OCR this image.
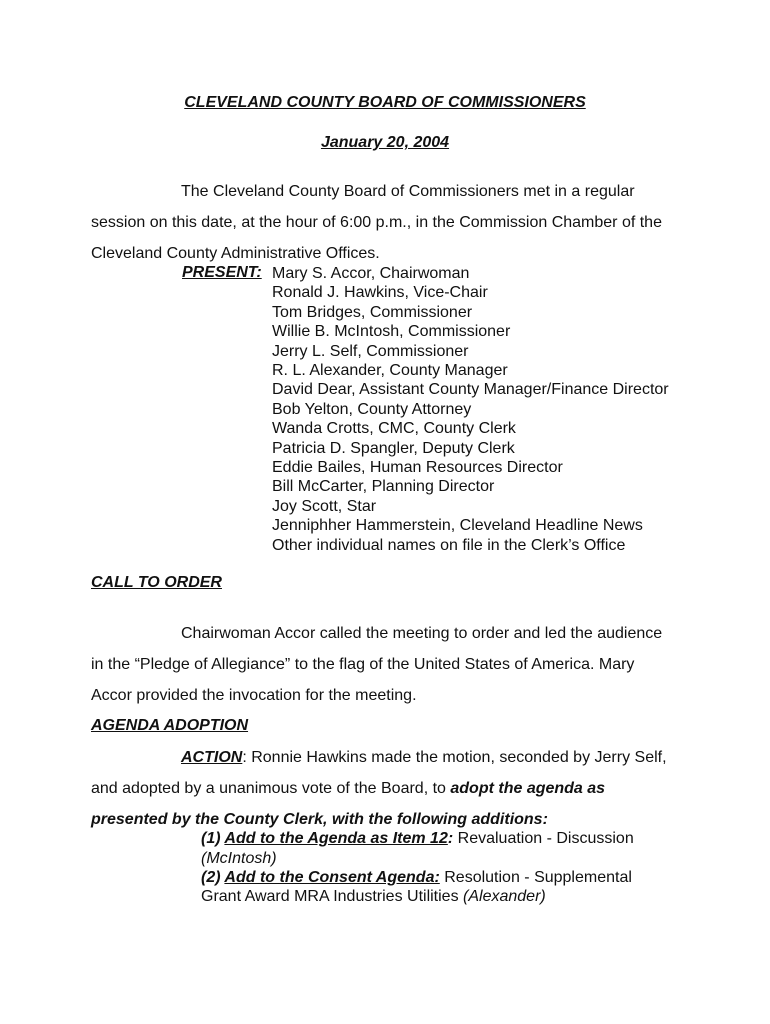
CLEVELAND COUNTY BOARD OF COMMISSIONERS
January 20, 2004
The Cleveland County Board of Commissioners met in a regular
session on this date, at the hour of 6:00 p.m., in the Commission Chamber of the
Cleveland County Administrative Offices.
PRESENT: Mary S. Accor, Chairwoman
Ronald J. Hawkins, Vice-Chair
Tom Bridges, Commissioner
Willie B. McIntosh, Commissioner
Jerry L. Self, Commissioner
R. L. Alexander, County Manager
David Dear, Assistant County Manager/Finance Director
Bob Yelton, County Attorney
Wanda Crotts, CMC, County Clerk
Patricia D. Spangler, Deputy Clerk
Eddie Bailes, Human Resources Director
Bill McCarter, Planning Director
Joy Scott, Star
Jenniphher Hammerstein, Cleveland Headline News
Other individual names on file in the Clerk’s Office
CALL TO ORDER
Chairwoman Accor called the meeting to order and led the audience
in the “Pledge of Allegiance” to the flag of the United States of America. Mary
Accor provided the invocation for the meeting.
AGENDA ADOPTION
ACTION: Ronnie Hawkins made the motion, seconded by Jerry Self,
and adopted by a unanimous vote of the Board, to adopt the agenda as
presented by the County Clerk, with the following additions:
(1) Add to the Agenda as Item 12: Revaluation - Discussion
(McIntosh)
(2) Add to the Consent Agenda: Resolution - Supplemental
Grant Award MRA Industries Utilities (Alexander)
